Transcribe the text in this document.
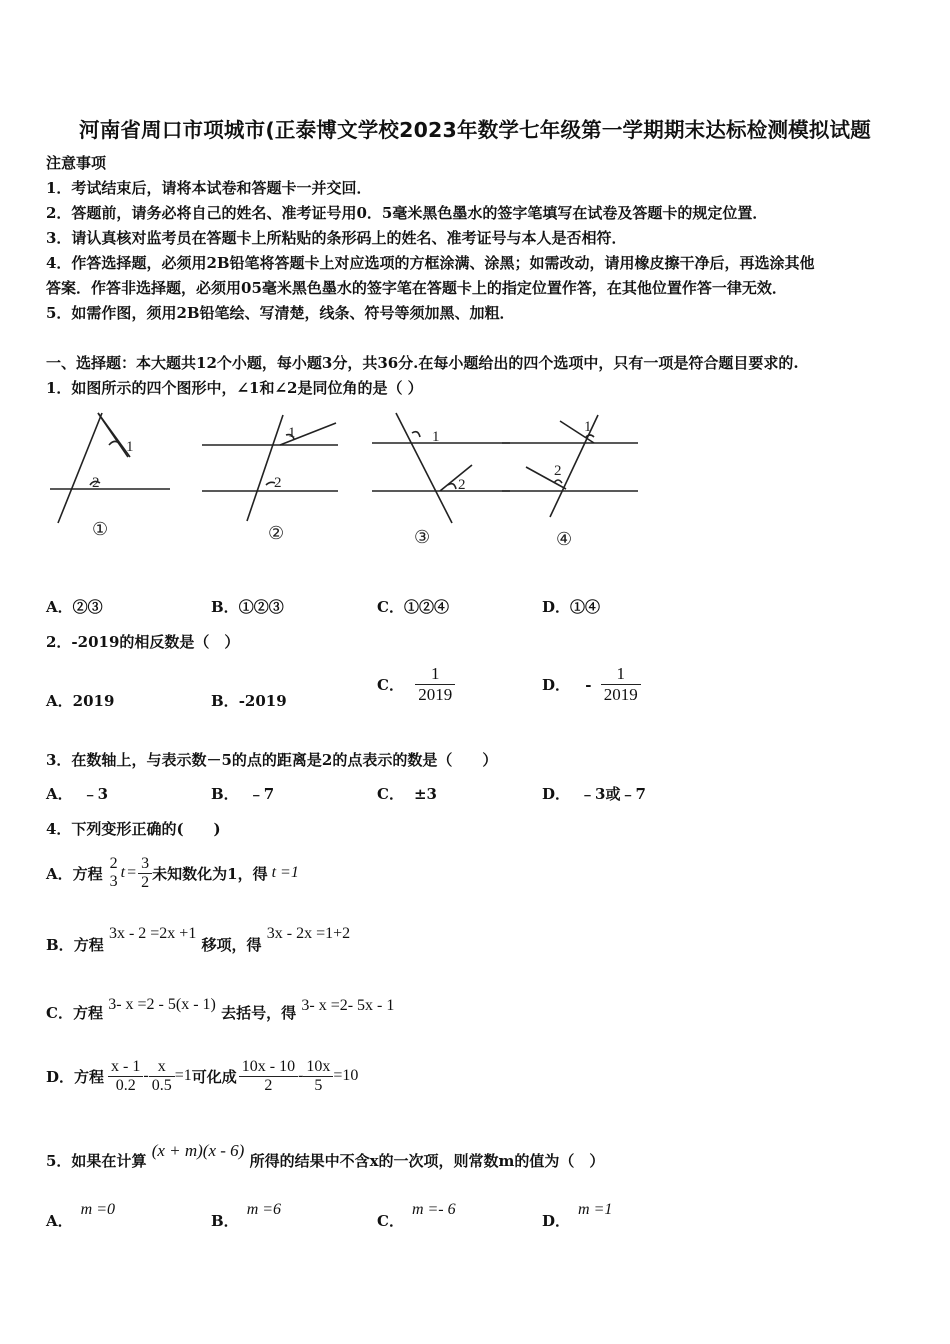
河南省周口市项城市(正泰博文学校2023年数学七年级第一学期期末达标检测模拟试题
注意事项
1．考试结束后，请将本试卷和答题卡一并交回．
2．答题前，请务必将自己的姓名、准考证号用0．5毫米黑色墨水的签字笔填写在试卷及答题卡的规定位置．
3．请认真核对监考员在答题卡上所粘贴的条形码上的姓名、准考证号与本人是否相符．
4．作答选择题，必须用2B铅笔将答题卡上对应选项的方框涂满、涂黑；如需改动，请用橡皮擦干净后，再选涂其他
答案．作答非选择题，必须用05毫米黑色墨水的签字笔在答题卡上的指定位置作答，在其他位置作答一律无效．
5．如需作图，须用2B铅笔绘、写清楚，线条、符号等须加黑、加粗．
一、选择题：本大题共12个小题，每小题3分，共36分.在每小题给出的四个选项中，只有一项是符合题目要求的.
1．如图所示的四个图形中，∠1和∠2是同位角的是（ ）
1
2
1
2
1
2
1
2
①	②	③	④
A．②③	B．①②③	C．①②④	D．①④
2．-2019的相反数是（　）
A．2019	B．-2019
C． $\frac{1}{2019}$	D． - $\frac{1}{2019}$
3．在数轴上，与表示数－5的点的距离是2的点表示的数是（　　）
A． ﹣3	B． ﹣7	C． ±3	D． ﹣3或﹣7
4．下列变形正确的(　　)
A． 方程
2
3
$t = \frac{3}{2}$ 未知数化为1，得 t =1
B．方程 3x - 2 =2x +1 移项，得 3x - 2x =1+2
C．方程 3- x =2 - 5(x - 1) 去括号，得 3- x =2- 5x - 1
D． 方程 $\frac{x - 1}{0.2} - \frac{x}{0.5} =1$ 可化成 $\frac{10x - 10}{2} - \frac{10x}{5} =10$
5．如果在计算 (x + m)(x - 6) 所得的结果中不含x的一次项，则常数m的值为（　）
A．m =0
B．m =6
C．m =- 6
D．m =1
